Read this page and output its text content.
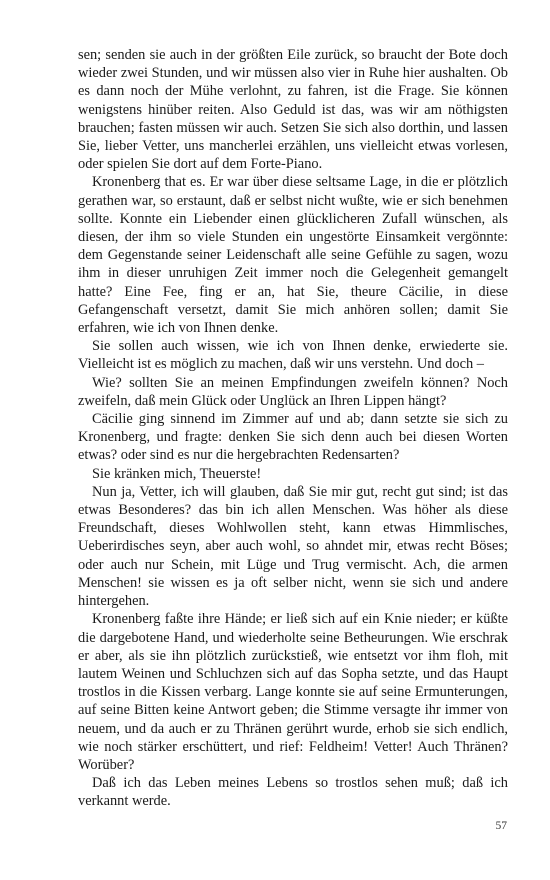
sen; senden sie auch in der größten Eile zurück, so braucht der Bote doch wieder zwei Stunden, und wir müssen also vier in Ruhe hier aushalten. Ob es dann noch der Mühe verlohnt, zu fahren, ist die Frage. Sie können wenigstens hinüber reiten. Also Geduld ist das, was wir am nöthigsten brauchen; fasten müssen wir auch. Setzen Sie sich also dorthin, und lassen Sie, lieber Vetter, uns mancherlei erzählen, uns vielleicht etwas vorlesen, oder spielen Sie dort auf dem Forte-Piano.

Kronenberg that es. Er war über diese seltsame Lage, in die er plötzlich gerathen war, so erstaunt, daß er selbst nicht wußte, wie er sich benehmen sollte. Konnte ein Liebender einen glücklicheren Zufall wünschen, als diesen, der ihm so viele Stunden ein ungestörte Einsamkeit vergönnte: dem Gegenstande seiner Leidenschaft alle seine Gefühle zu sagen, wozu ihm in dieser unruhigen Zeit immer noch die Gelegenheit gemangelt hatte? Eine Fee, fing er an, hat Sie, theure Cäcilie, in diese Gefangenschaft versetzt, damit Sie mich anhören sollen; damit Sie erfahren, wie ich von Ihnen denke.

Sie sollen auch wissen, wie ich von Ihnen denke, erwiederte sie. Vielleicht ist es möglich zu machen, daß wir uns verstehn. Und doch –

Wie? sollten Sie an meinen Empfindungen zweifeln können? Noch zweifeln, daß mein Glück oder Unglück an Ihren Lippen hängt?

Cäcilie ging sinnend im Zimmer auf und ab; dann setzte sie sich zu Kronenberg, und fragte: denken Sie sich denn auch bei diesen Worten etwas? oder sind es nur die hergebrachten Redensarten?

Sie kränken mich, Theuerste!

Nun ja, Vetter, ich will glauben, daß Sie mir gut, recht gut sind; ist das etwas Besonderes? das bin ich allen Menschen. Was höher als diese Freundschaft, dieses Wohlwollen steht, kann etwas Himmlisches, Ueberirdisches seyn, aber auch wohl, so ahndet mir, etwas recht Böses; oder auch nur Schein, mit Lüge und Trug vermischt. Ach, die armen Menschen! sie wissen es ja oft selber nicht, wenn sie sich und andere hintergehen.

Kronenberg faßte ihre Hände; er ließ sich auf ein Knie nieder; er küßte die dargebotene Hand, und wiederholte seine Betheurungen. Wie erschrak er aber, als sie ihn plötzlich zurückstieß, wie entsetzt vor ihm floh, mit lautem Weinen und Schluchzen sich auf das Sopha setzte, und das Haupt trostlos in die Kissen verbarg. Lange konnte sie auf seine Ermunterungen, auf seine Bitten keine Antwort geben; die Stimme versagte ihr immer von neuem, und da auch er zu Thränen gerührt wurde, erhob sie sich endlich, wie noch stärker erschüttert, und rief: Feldheim! Vetter! Auch Thränen? Worüber?

Daß ich das Leben meines Lebens so trostlos sehen muß; daß ich verkannt werde.

57
